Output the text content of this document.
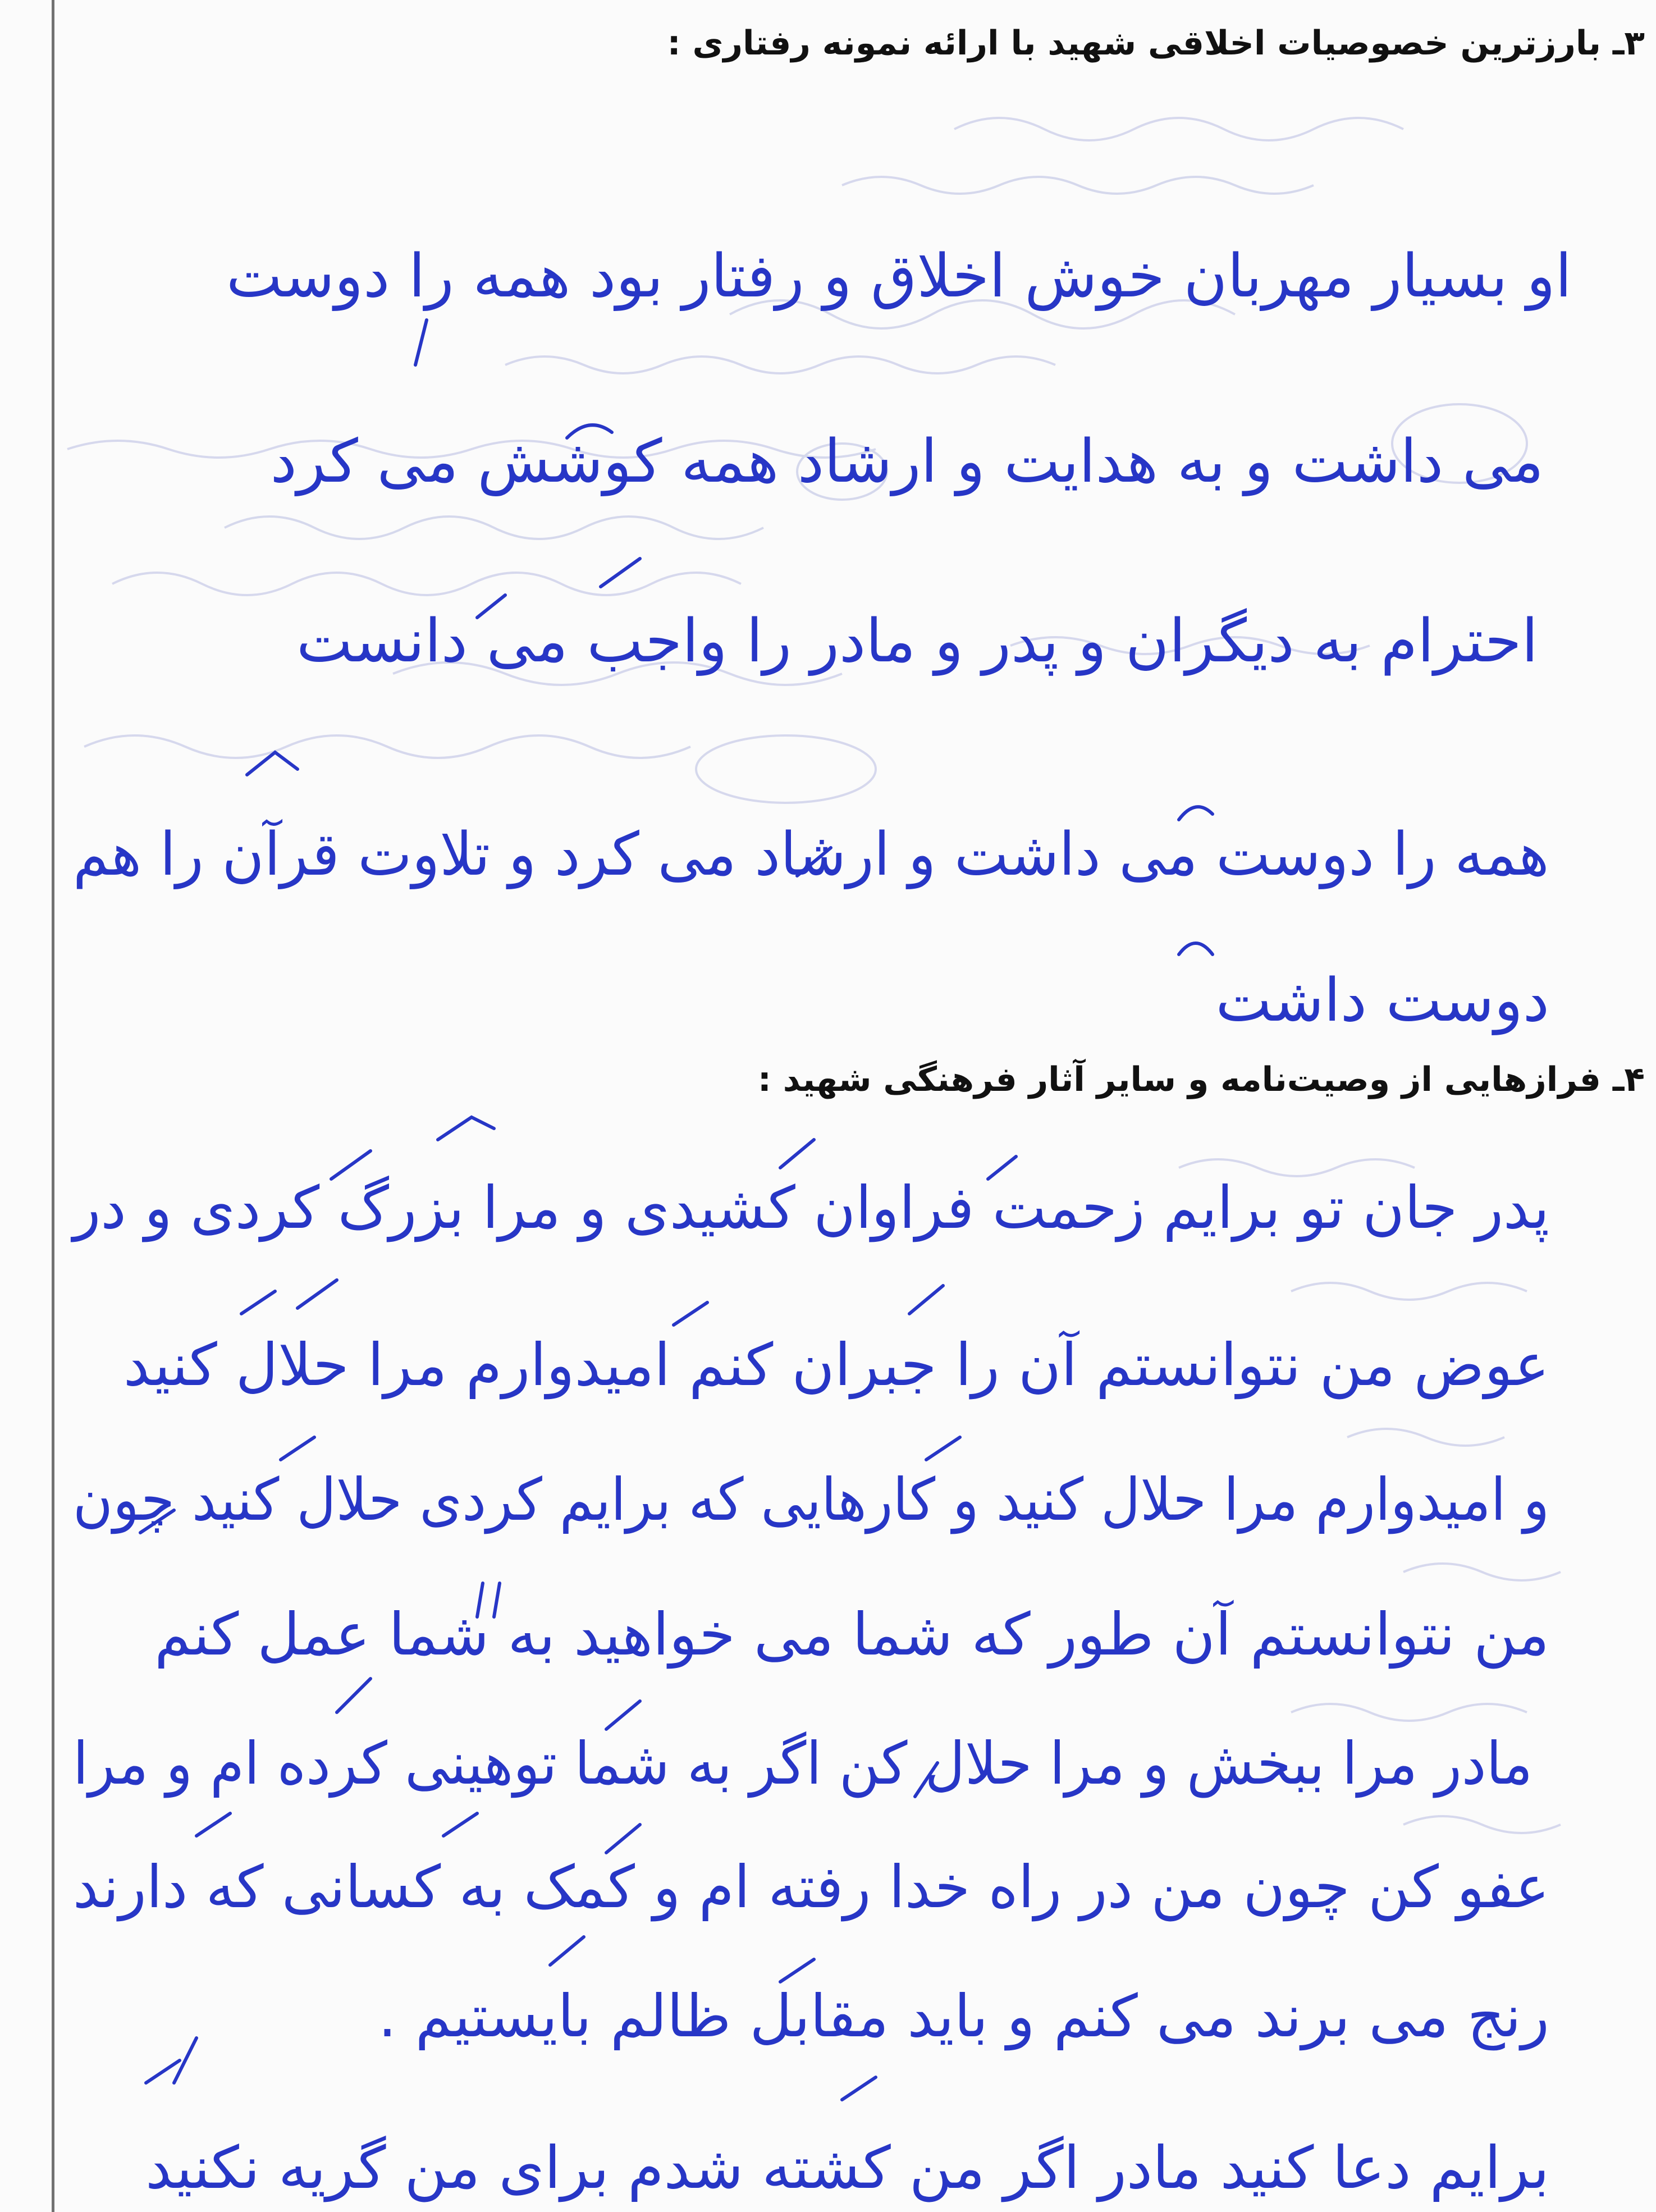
۳ـ بارزترین خصوصیات اخلاقی شهید با ارائه نمونه رفتاری :
او بسیار مهربان خوش اخلاق و رفتار بود همه را دوست
می داشت و به هدایت و ارشاد همه کوشش می کرد
احترام به دیگران و پدر و مادر را واجب می دانست
همه را دوست می داشت و ارشاد می کرد و تلاوت قرآن را هم
دوست داشت
۴ـ فرازهایی از وصیت‌نامه و سایر آثار فرهنگی شهید :
پدر جان تو برایم زحمت فراوان کشیدی و مرا بزرگ کردی و در
عوض من نتوانستم آن را جبران کنم امیدوارم مرا حلال کنید
و امیدوارم مرا حلال کنید و کارهایی که برایم کردی حلال کنید چون
من نتوانستم آن طور که شما می خواهید به شما عمل کنم
مادر مرا ببخش و مرا حلال کن اگر به شما توهینی کرده ام و مرا
عفو کن چون من در راه خدا رفته ام و کمک به کسانی که دارند
رنج می برند می کنم و باید مقابل ظالم بایستیم .
برایم دعا کنید مادر اگر من کشته شدم برای من گریه نکنید
